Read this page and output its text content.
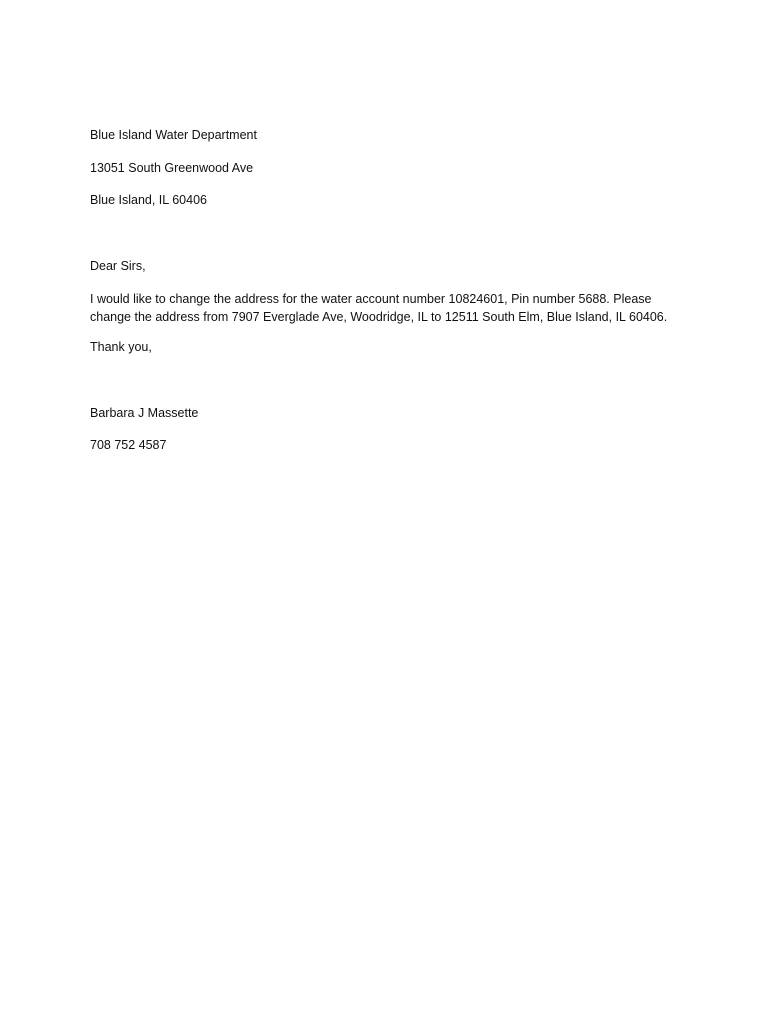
Blue Island Water Department

13051 South Greenwood Ave

Blue Island, IL 60406

Dear Sirs,

I would like to change the address for the water account number 10824601, Pin number 5688. Please
change the address from 7907 Everglade Ave, Woodridge, IL to 12511 South Elm, Blue Island, IL 60406.

Thank you,

Barbara J Massette

708 752 4587
